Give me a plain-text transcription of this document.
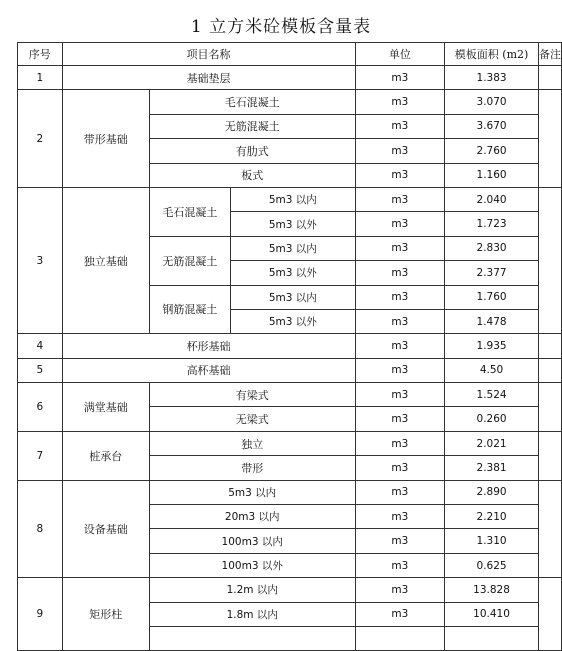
1 立方米砼模板含量表
序号	项目名称			单位	模板面积 (m2)	备注
1	基础垫层			m3	1.383	
2	带形基础	毛石混凝土		m3	3.070	
		无筋混凝土		m3	3.670	
		有肋式		m3	2.760	
		板式		m3	1.160	
3	独立基础	毛石混凝土	5m3 以内	m3	2.040	
			5m3 以外	m3	1.723	
		无筋混凝土	5m3 以内	m3	2.830	
			5m3 以外	m3	2.377	
		钢筋混凝土	5m3 以内	m3	1.760	
			5m3 以外	m3	1.478	
4	杯形基础			m3	1.935	
5	高杯基础			m3	4.50	
6	满堂基础	有梁式		m3	1.524	
		无梁式		m3	0.260	
7	桩承台	独立		m3	2.021	
		带形		m3	2.381	
8	设备基础	5m3 以内		m3	2.890	
		20m3 以内		m3	2.210	
		100m3 以内		m3	1.310	
		100m3 以外		m3	0.625	
9	矩形柱	1.2m 以内		m3	13.828	
		1.8m 以内		m3	10.410	
